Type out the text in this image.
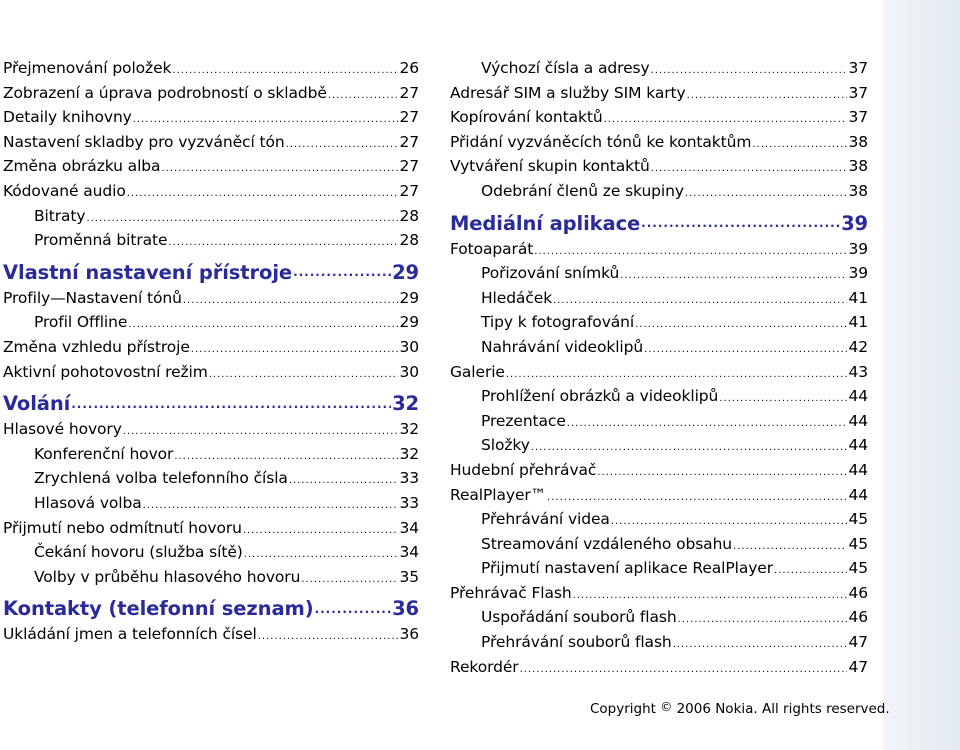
Přejmenování položek .....	26
Zobrazení a úprava podrobností o skladbě .....	27
Detaily knihovny .....	27
Nastavení skladby pro vyzváněcí tón .....	27
Změna obrázku alba .....	27
Kódované audio .....	27
Bitraty .....	28
Proměnná bitrate .....	28
Vlastní nastavení přístroje .....	29
Profily—Nastavení tónů .....	29
Profil Offline .....	29
Změna vzhledu přístroje .....	30
Aktivní pohotovostní režim .....	30
Volání .....	32
Hlasové hovory .....	32
Konferenční hovor .....	32
Zrychlená volba telefonního čísla .....	33
Hlasová volba .....	33
Přijmutí nebo odmítnutí hovoru .....	34
Čekání hovoru (služba sítě) .....	34
Volby v průběhu hlasového hovoru .....	35
Kontakty (telefonní seznam) .....	36
Ukládání jmen a telefonních čísel .....	36
Výchozí čísla a adresy .....	37
Adresář SIM a služby SIM karty .....	37
Kopírování kontaktů .....	37
Přidání vyzváněcích tónů ke kontaktům .....	38
Vytváření skupin kontaktů .....	38
Odebrání členů ze skupiny .....	38
Mediální aplikace .....	39
Fotoaparát .....	39
Pořizování snímků .....	39
Hledáček .....	41
Tipy k fotografování .....	41
Nahrávání videoklipů .....	42
Galerie .....	43
Prohlížení obrázků a videoklipů .....	44
Prezentace .....	44
Složky .....	44
Hudební přehrávač .....	44
RealPlayer™ .....	44
Přehrávání videa .....	45
Streamování vzdáleného obsahu .....	45
Přijmutí nastavení aplikace RealPlayer .....	45
Přehrávač Flash .....	46
Uspořádání souborů flash .....	46
Přehrávání souborů flash .....	47
Rekordér .....	47
Copyright © 2006 Nokia. All rights reserved.
